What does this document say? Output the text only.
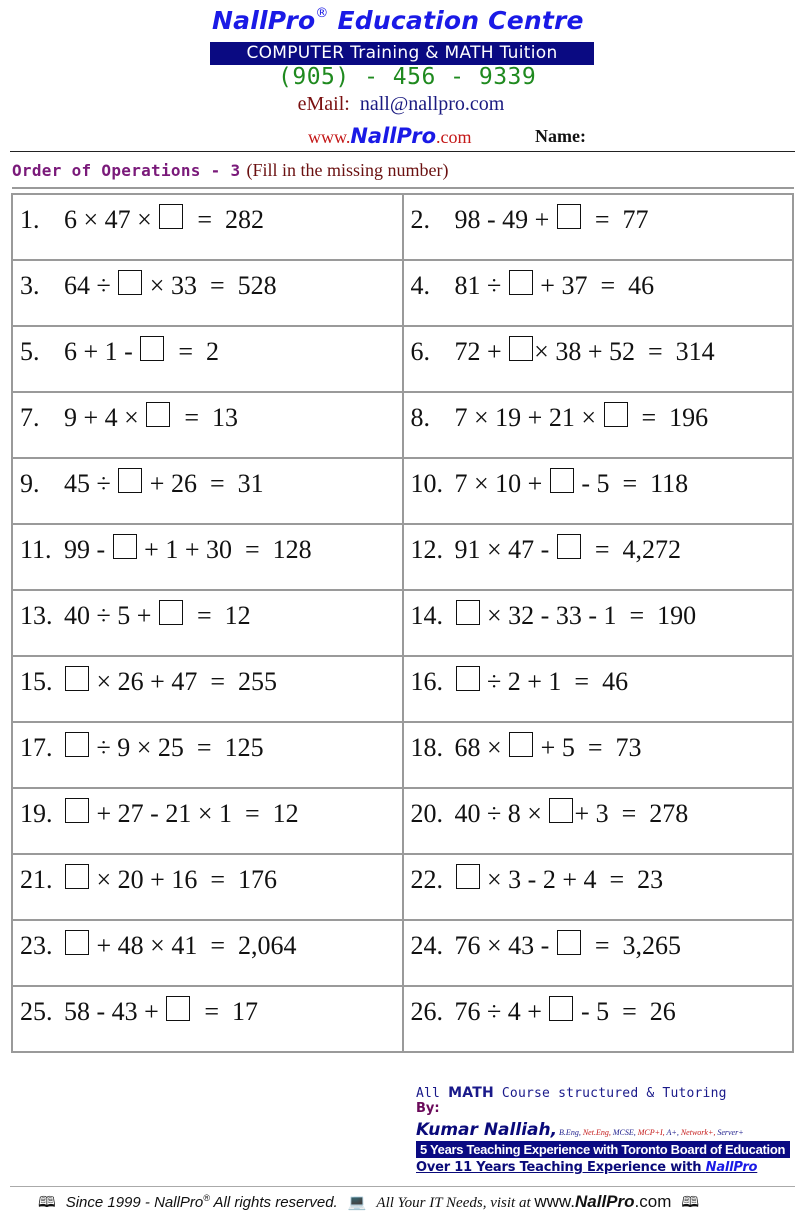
NallPro® Education Centre
COMPUTER Training & MATH Tuition
(905) - 456 - 9339
eMail: nall@nallpro.com
www.NallPro.com	Name:
Order of Operations - 3 (Fill in the missing number)
1. 6 × 47 ×   =  282	2. 98 - 49 +   =  77
3. 64 ÷  × 33  =  528	4. 81 ÷  + 37  =  46
5. 6 + 1 -   =  2	6. 72 + × 38 + 52  =  314
7. 9 + 4 ×   =  13	8. 7 × 19 + 21 ×   =  196
9. 45 ÷  + 26  =  31	10. 7 × 10 +  - 5  =  118
11. 99 -  + 1 + 30  =  128	12. 91 × 47 -   =  4,272
13. 40 ÷ 5 +   =  12	14. × 32 - 33 - 1  =  190
15. × 26 + 47  =  255	16. ÷ 2 + 1  =  46
17. ÷ 9 × 25  =  125	18. 68 ×  + 5  =  73
19. + 27 - 21 × 1  =  12	20. 40 ÷ 8 × + 3  =  278
21. × 20 + 16  =  176	22. × 3 - 2 + 4  =  23
23. + 48 × 41  =  2,064	24. 76 × 43 -   =  3,265
25. 58 - 43 +   =  17	26. 76 ÷ 4 +  - 5  =  26
All MATH Course structured & Tutoring
By:
Kumar Nalliah, B.Eng, Net.Eng, MCSE, MCP+I, A+, Network+, Server+
5 Years Teaching Experience with Toronto Board of Education
Over 11 Years Teaching Experience with NallPro
🕮 Since 1999 - NallPro® All rights reserved. 💻 All Your IT Needs, visit at www.NallPro.com 🕮
